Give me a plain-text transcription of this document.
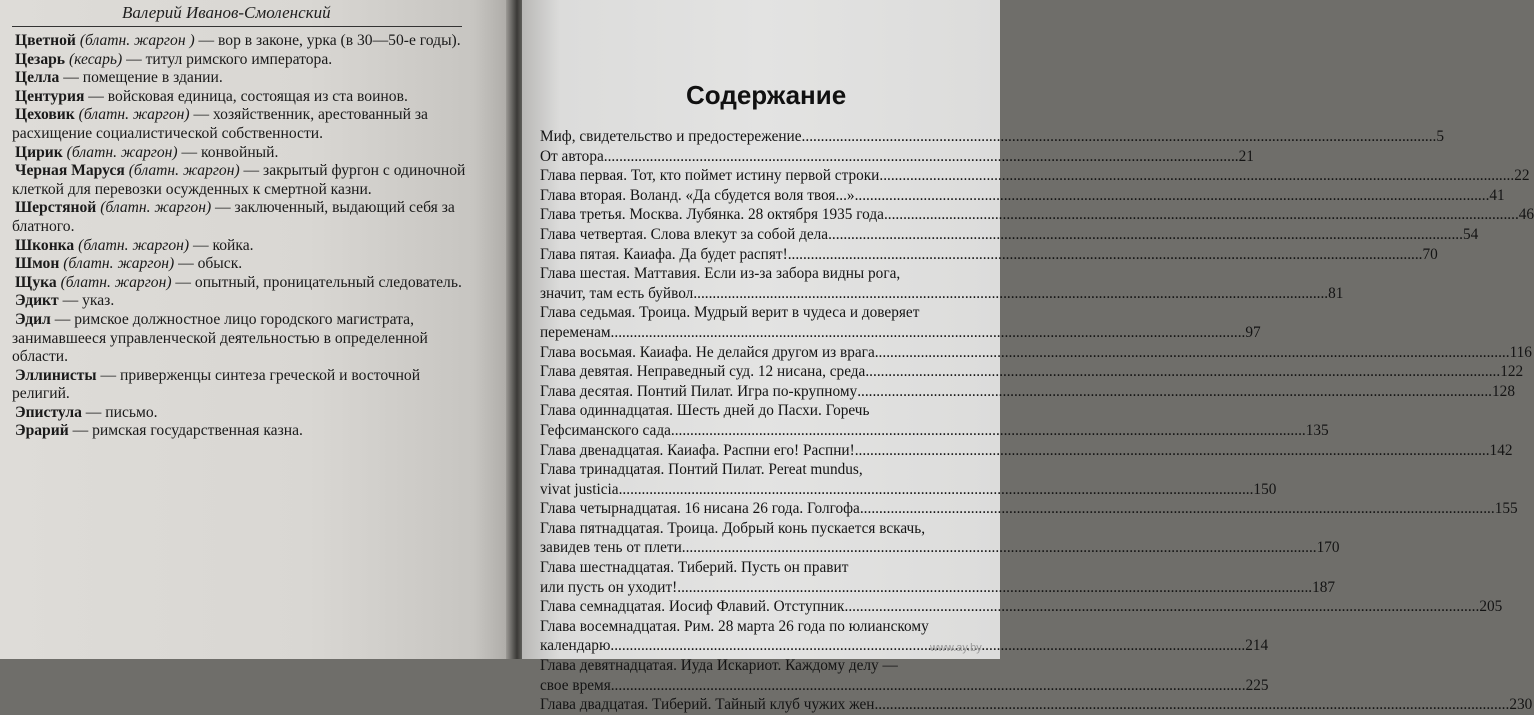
Валерий Иванов-Смоленский
Цветной (блатн. жаргон ) — вор в законe, урка (в 30—50-е годы).
Цезарь (кесарь) — титул римского императора.
Целла — помещение в здании.
Центурия — войсковая единица, состоящая из ста воинов.
Цеховик (блатн. жаргон) — хозяйственник, арестованный за расхищение социалистической собственности.
Цирик (блатн. жаргон) — конвойный.
Черная Маруся (блатн. жаргон) — закрытый фургон с одиночной клеткой для перевозки осужденных к смертной казни.
Шерстяной (блатн. жаргон) — заключенный, выдающий себя за блатного.
Шконка (блатн. жаргон) — койка.
Шмон (блатн. жаргон) — обыск.
Щука (блатн. жаргон) — опытный, проницательный следователь.
Эдикт — указ.
Эдил — римское должностное лицо городского магистрата, занимавшееся управленческой деятельностью в определенной области.
Эллинисты — приверженцы синтеза греческой и восточной религий.
Эпистула — письмо.
Эрарий — римская государственная казна.
Содержание
Миф, свидетельство и предостережение .....	5
От автора .....	21
Глава первая. Тот, кто поймет истину первой строки .....	22
Глава вторая. Воланд. «Да сбудется воля твоя...» .....	41
Глава третья. Москва. Лубянка. 28 октября 1935 года .....	46
Глава четвертая. Слова влекут за собой дела .....	54
Глава пятая. Каиафа. Да будет распят! .....	70
Глава шестая. Маттавия. Если из-за забора видны рога,
значит, там есть буйвол .....	81
Глава седьмая. Троица. Мудрый верит в чудеса и доверяет
переменам .....	97
Глава восьмая. Каиафа. Не делайся другом из врага .....	116
Глава девятая. Неправедный суд. 12 нисана, среда .....	122
Глава десятая. Понтий Пилат. Игра по-крупному .....	128
Глава одиннадцатая. Шесть дней до Пасхи. Горечь
Гефсиманского сада .....	135
Глава двенадцатая. Каиафа. Распни его! Распни! .....	142
Глава тринадцатая. Понтий Пилат. Pereat mundus,
vivat justicia .....	150
Глава четырнадцатая. 16 нисана 26 года. Голгофа .....	155
Глава пятнадцатая. Троица. Добрый конь пускается вскачь,
завидев тень от плети .....	170
Глава шестнадцатая. Тиберий. Пусть он правит
или пусть он уходит! .....	187
Глава семнадцатая. Иосиф Флавий. Отступник .....	205
Глава восемнадцатая. Рим. 28 марта 26 года по юлианскому
календарю .....	214
Глава девятнадцатая. Иуда Искариот. Каждому делу —
свое время .....	225
Глава двадцатая. Тиберий. Тайный клуб чужих жен .....	230
www.ay.by
